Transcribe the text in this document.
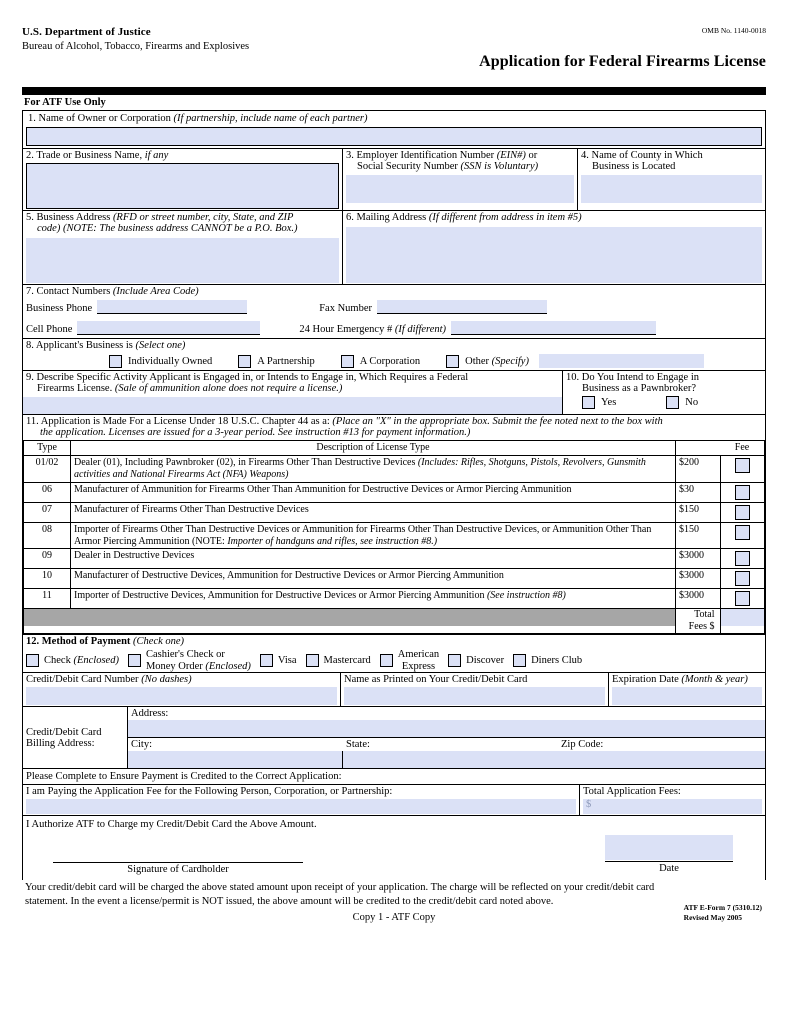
U.S. Department of Justice
Bureau of Alcohol, Tobacco, Firearms and Explosives
OMB No. 1140-0018
Application for Federal Firearms License
For ATF Use Only
1. Name of Owner or Corporation (If partnership, include name of each partner)
2. Trade or Business Name, if any	3. Employer Identification Number (EIN#) or
Social Security Number (SSN is Voluntary)
4. Name of County in Which
Business is Located
5. Business Address (RFD or street number, city, State, and ZIP
code) (NOTE: The business address CANNOT be a P.O. Box.)
6. Mailing Address (If different from address in item #5)
7. Contact Numbers (Include Area Code)
Business Phone	Fax Number
Cell Phone	24 Hour Emergency # (If different)
8. Applicant's Business is (Select one)
Individually Owned	A Partnership	A Corporation	Other (Specify)
9. Describe Specific Activity Applicant is Engaged in, or Intends to Engage in, Which Requires a Federal
Firearms License. (Sale of ammunition alone does not require a license.)
10. Do You Intend to Engage in
Business as a Pawnbroker?
Yes	No
11. Application is Made For a License Under 18 U.S.C. Chapter 44 as a: (Place an "X" in the appropriate box. Submit the fee noted next to the box with
the application. Licenses are issued for a 3-year period. See instruction #13 for payment information.)
Type	Description of License Type		Fee
01/02	Dealer (01), Including Pawnbroker (02), in Firearms Other Than Destructive Devices (Includes: Rifles, Shotguns, Pistols, Revolvers, Gunsmith activities and National Firearms Act (NFA) Weapons)	$200	

06	Manufacturer of Ammunition for Firearms Other Than Ammunition for Destructive Devices or Armor Piercing Ammunition	$30	

07	Manufacturer of Firearms Other Than Destructive Devices	$150	

08	Importer of Firearms Other Than Destructive Devices or Ammunition for Firearms Other Than Destructive Devices, or Ammunition Other Than Armor Piercing Ammunition (NOTE: Importer of handguns and rifles, see instruction #8.)	$150	

09	Dealer in Destructive Devices	$3000	

10	Manufacturer of Destructive Devices, Ammunition for Destructive Devices or Armor Piercing Ammunition	$3000	

11	Importer of Destructive Devices, Ammunition for Destructive Devices or Armor Piercing Ammunition (See instruction #8)	$3000	

		Total Fees $	
12. Method of Payment (Check one)
Check (Enclosed)
Cashier's Check or
Money Order (Enclosed)
Visa	Mastercard
American
Express
Discover	Diners Club
Credit/Debit Card Number (No dashes)	Name as Printed on Your Credit/Debit Card	Expiration Date (Month & year)
Credit/Debit Card
Billing Address:
Address:
City:	State:	Zip Code:
Please Complete to Ensure Payment is Credited to the Correct Application:
I am Paying the Application Fee for the Following Person, Corporation, or Partnership:	Total Application Fees:
$
I Authorize ATF to Charge my Credit/Debit Card the Above Amount.
Signature of Cardholder	Date
Your credit/debit card will be charged the above stated amount upon receipt of your application. The charge will be reflected on your credit/debit card
statement. In the event a license/permit is NOT issued, the above amount will be credited to the credit/debit card noted above.
Copy 1 - ATF Copy
ATF E-Form 7 (5310.12)
Revised May 2005
